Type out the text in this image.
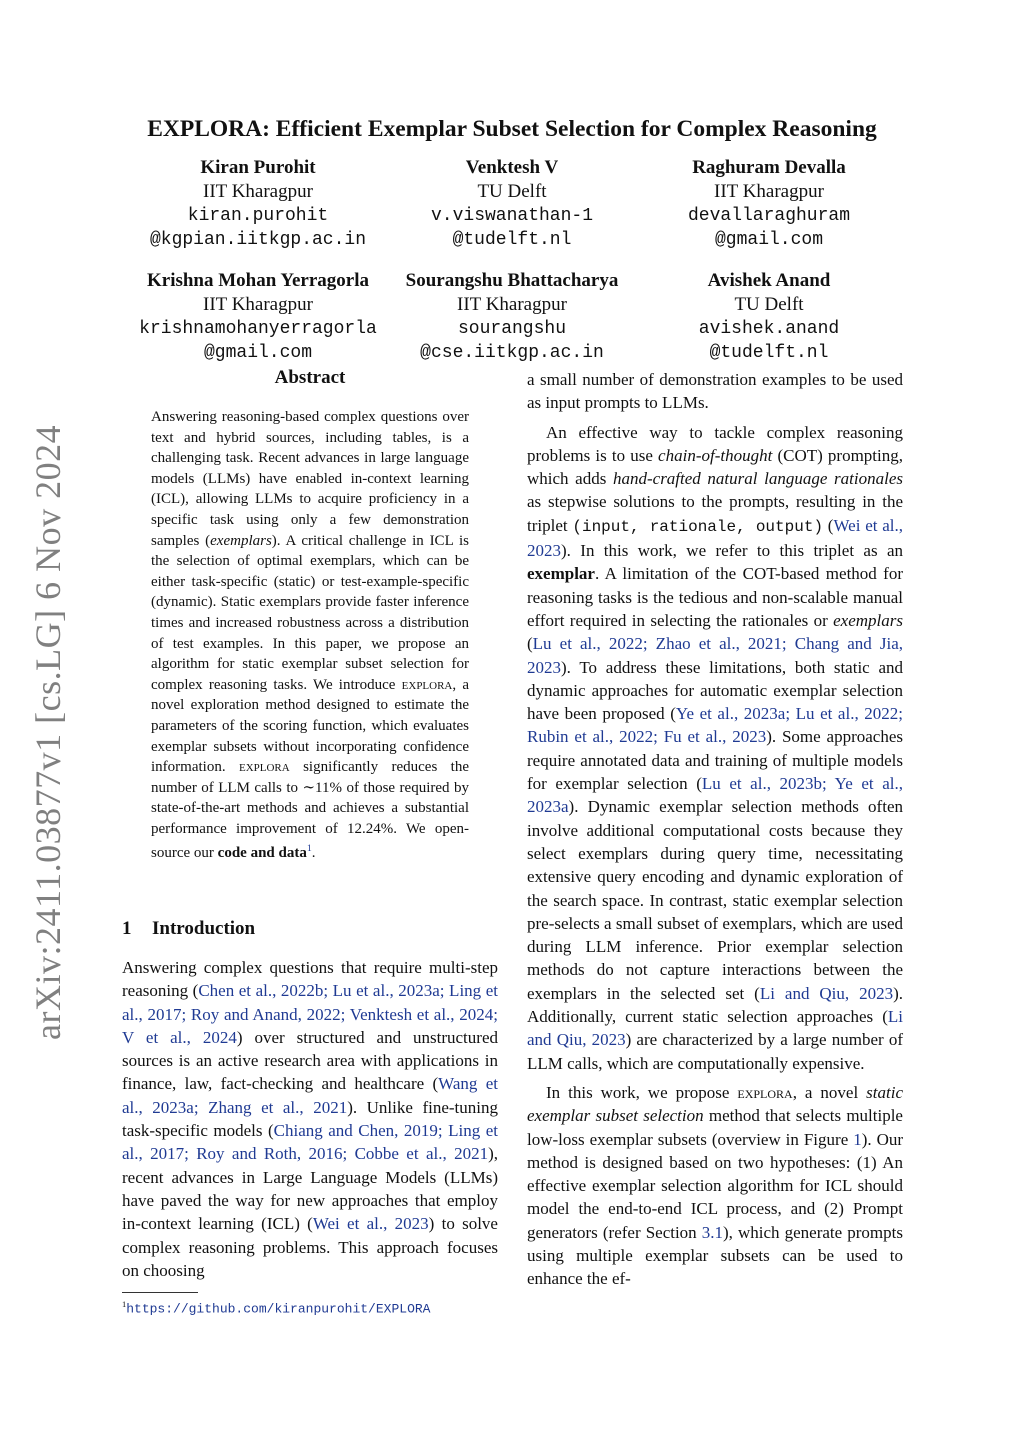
arXiv:2411.03877v1 [cs.LG] 6 Nov 2024
EXPLORA: Efficient Exemplar Subset Selection for Complex Reasoning
Kiran Purohit
IIT Kharagpur
kiran.purohit
@kgpian.iitkgp.ac.in
Venktesh V
TU Delft
v.viswanathan-1
@tudelft.nl
Raghuram Devalla
IIT Kharagpur
devallaraghuram
@gmail.com
Krishna Mohan Yerragorla
IIT Kharagpur
krishnamohanyerragorla
@gmail.com
Sourangshu Bhattacharya
IIT Kharagpur
sourangshu
@cse.iitkgp.ac.in
Avishek Anand
TU Delft
avishek.anand
@tudelft.nl
Abstract
Answering reasoning-based complex questions over text and hybrid sources, including tables, is a challenging task. Recent advances in large language models (LLMs) have enabled in-context learning (ICL), allowing LLMs to acquire proficiency in a specific task using only a few demonstration samples (exemplars). A critical challenge in ICL is the selection of optimal exemplars, which can be either task-specific (static) or test-example-specific (dynamic). Static exemplars provide faster inference times and increased robustness across a distribution of test examples. In this paper, we propose an algorithm for static exemplar subset selection for complex reasoning tasks. We introduce explora, a novel exploration method designed to estimate the parameters of the scoring function, which evaluates exemplar subsets without incorporating confidence information. explora significantly reduces the number of LLM calls to ∼11% of those required by state-of-the-art methods and achieves a substantial performance improvement of 12.24%. We open-source our code and data$^1$.
1 Introduction

Answering complex questions that require multi-step reasoning (Chen et al., 2022b; Lu et al., 2023a; Ling et al., 2017; Roy and Anand, 2022; Venktesh et al., 2024; V et al., 2024) over structured and unstructured sources is an active research area with applications in finance, law, fact-checking and healthcare (Wang et al., 2023a; Zhang et al., 2021). Unlike fine-tuning task-specific models (Chiang and Chen, 2019; Ling et al., 2017; Roy and Roth, 2016; Cobbe et al., 2021), recent advances in Large Language Models (LLMs) have paved the way for new approaches that employ in-context learning (ICL) (Wei et al., 2023) to solve complex reasoning problems. This approach focuses on choosing

$^1$https://github.com/kiranpurohit/EXPLORA

a small number of demonstration examples to be used as input prompts to LLMs.

An effective way to tackle complex reasoning problems is to use chain-of-thought (COT) prompting, which adds hand-crafted natural language rationales as stepwise solutions to the prompts, resulting in the triplet (input, rationale, output) (Wei et al., 2023). In this work, we refer to this triplet as an exemplar. A limitation of the COT-based method for reasoning tasks is the tedious and non-scalable manual effort required in selecting the rationales or exemplars (Lu et al., 2022; Zhao et al., 2021; Chang and Jia, 2023). To address these limitations, both static and dynamic approaches for automatic exemplar selection have been proposed (Ye et al., 2023a; Lu et al., 2022; Rubin et al., 2022; Fu et al., 2023). Some approaches require annotated data and training of multiple models for exemplar selection (Lu et al., 2023b; Ye et al., 2023a). Dynamic exemplar selection methods often involve additional computational costs because they select exemplars during query time, necessitating extensive query encoding and dynamic exploration of the search space. In contrast, static exemplar selection pre-selects a small subset of exemplars, which are used during LLM inference. Prior exemplar selection methods do not capture interactions between the exemplars in the selected set (Li and Qiu, 2023). Additionally, current static selection approaches (Li and Qiu, 2023) are characterized by a large number of LLM calls, which are computationally expensive.

In this work, we propose explora, a novel static exemplar subset selection method that selects multiple low-loss exemplar subsets (overview in Figure 1). Our method is designed based on two hypotheses: (1) An effective exemplar selection algorithm for ICL should model the end-to-end ICL process, and (2) Prompt generators (refer Section 3.1), which generate prompts using multiple exemplar subsets can be used to enhance the ef-
